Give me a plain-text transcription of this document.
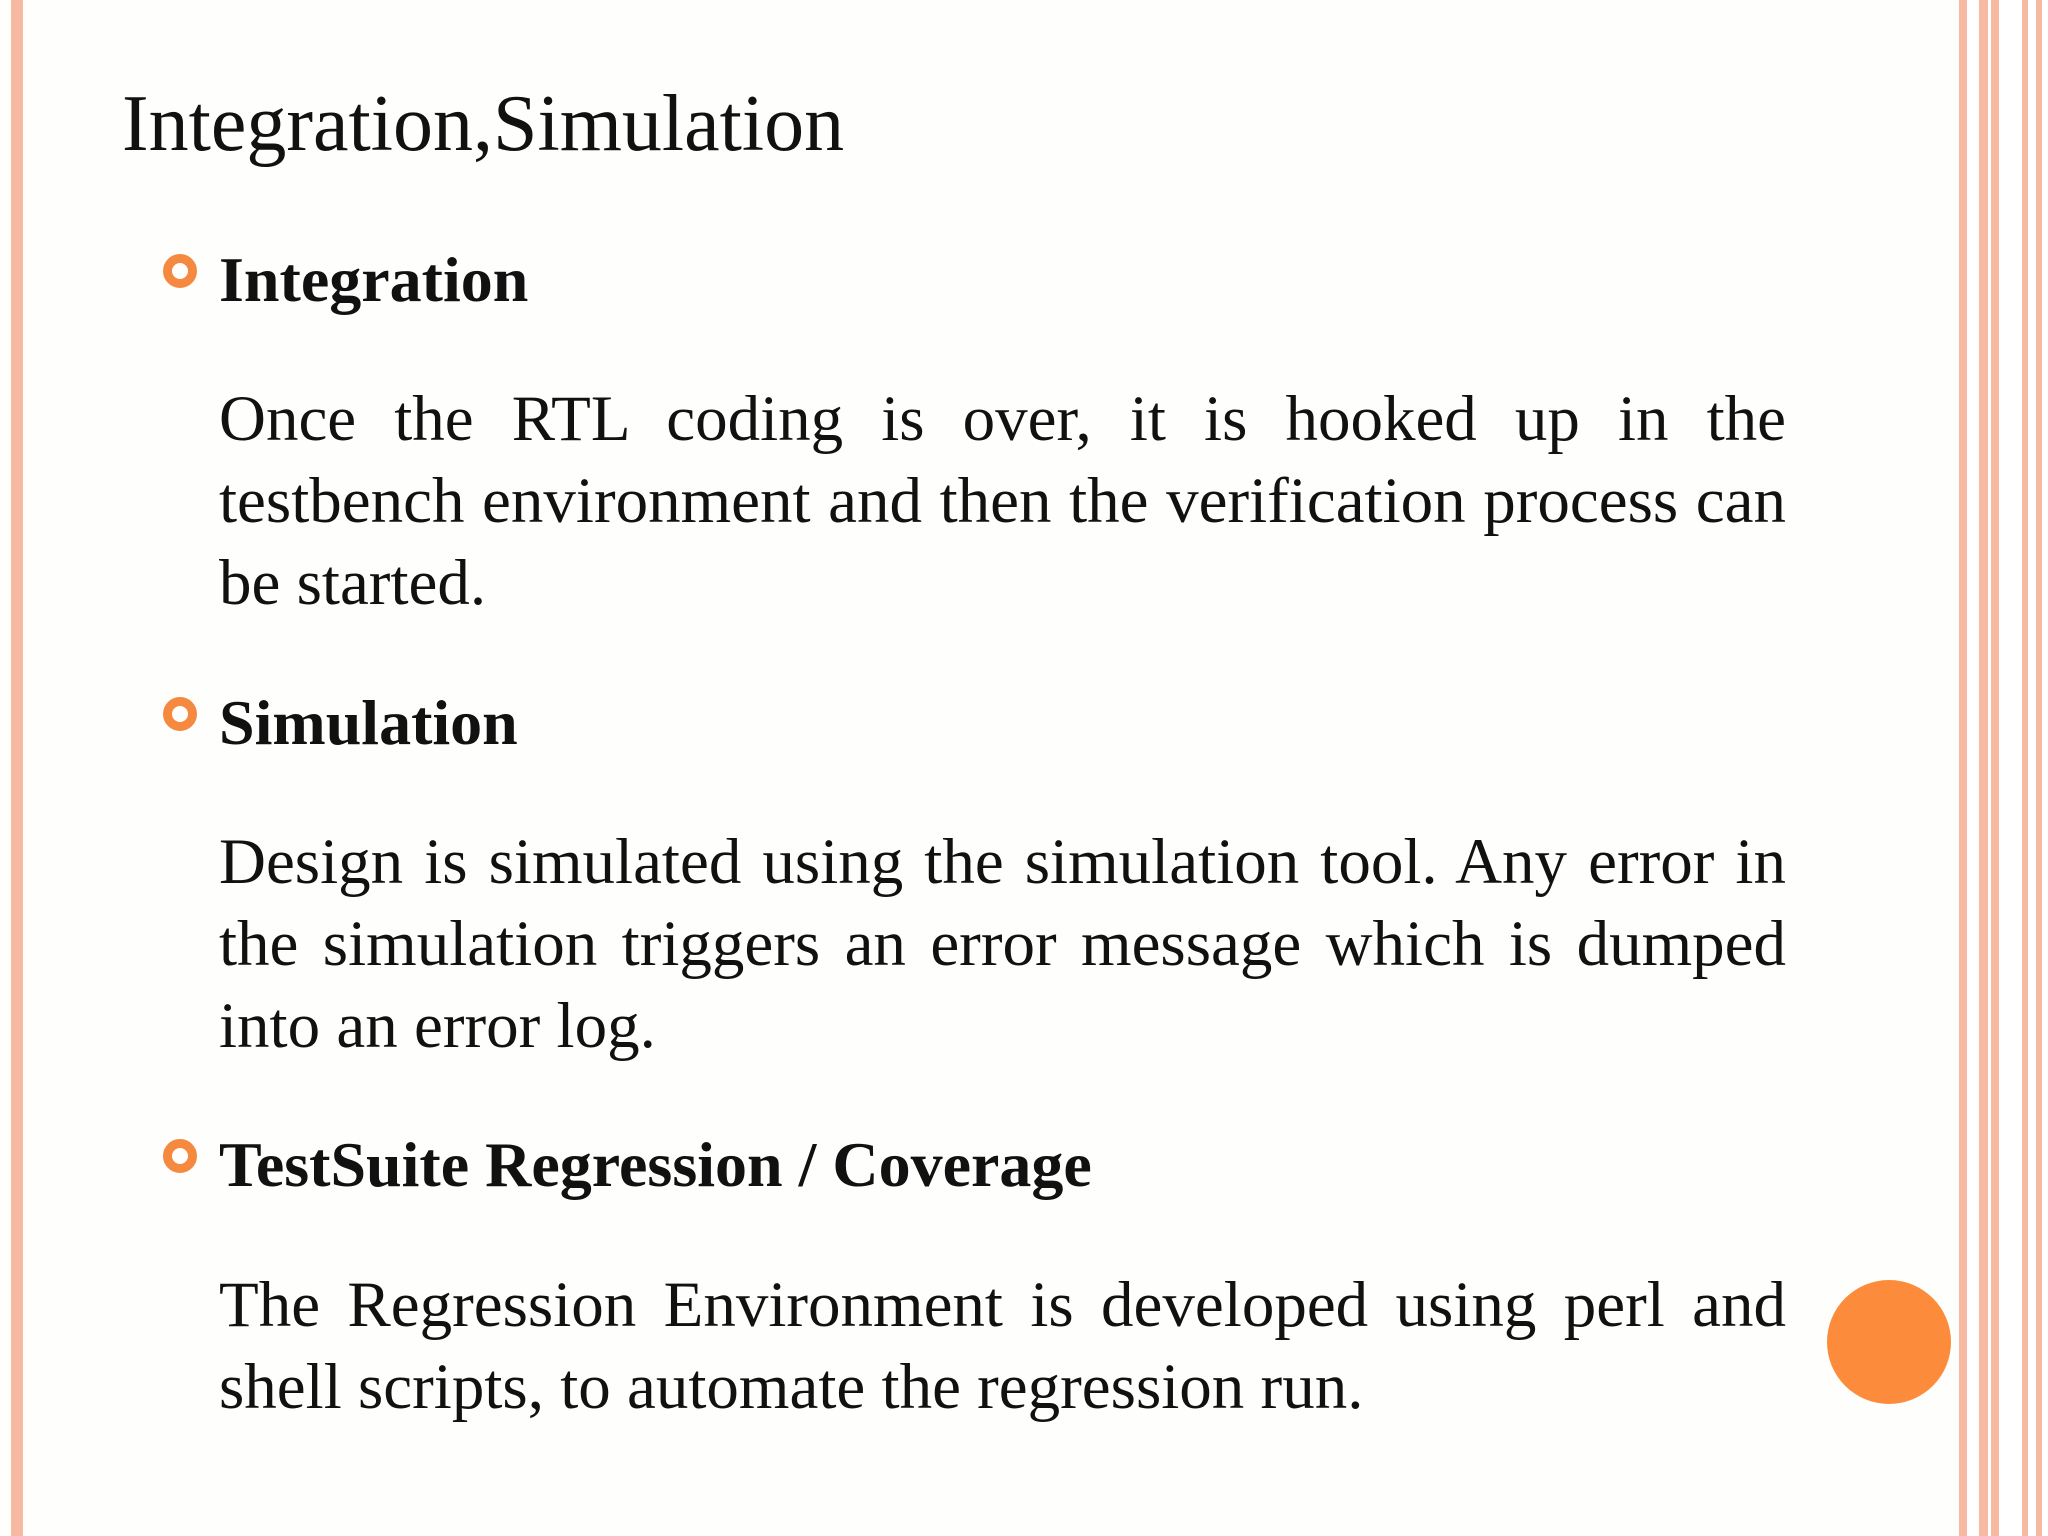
Integration,Simulation
Integration
Once the RTL coding is over, it is hooked up in the testbench environment and then the verification process can be started.
Simulation
Design is simulated using the simulation tool. Any error in the simulation triggers an error message which is dumped into an error log.
TestSuite Regression / Coverage
The Regression Environment is developed using perl and shell scripts, to automate the regression run.
